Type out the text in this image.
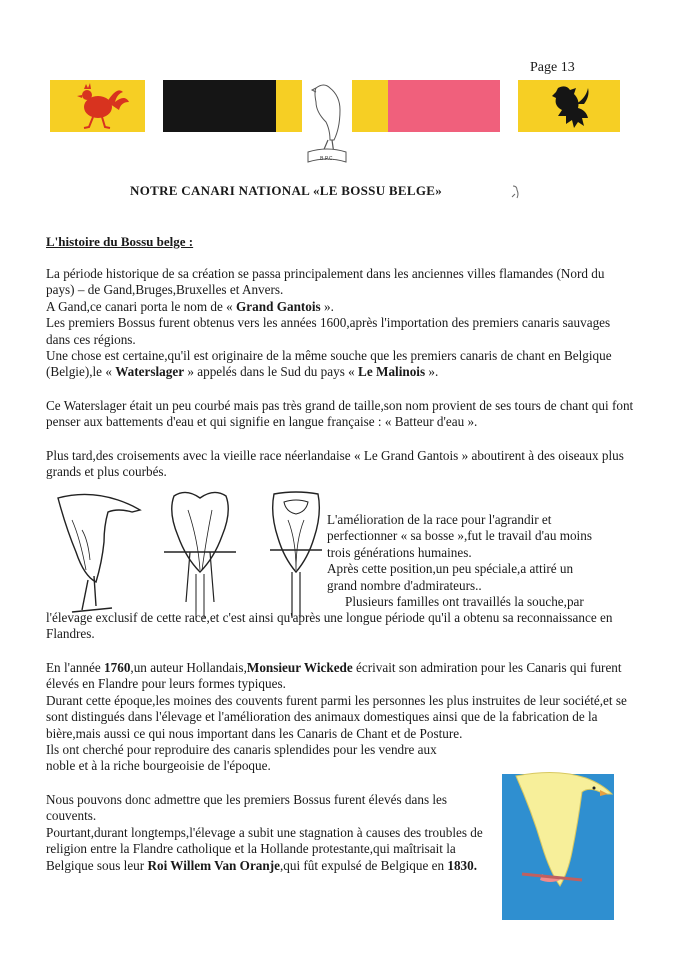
Page 13
B.P.C.
NOTRE CANARI NATIONAL «LE BOSSU BELGE»
L'histoire du Bossu belge :

La période historique de sa création se passa principalement dans les anciennes villes flamandes (Nord du pays) – de Gand,Bruges,Bruxelles et Anvers.
A Gand,ce canari porta le nom de « Grand Gantois ».
Les premiers Bossus furent obtenus vers les années 1600,après l'importation des premiers canaris sauvages dans ces régions.
Une chose est certaine,qu'il est originaire de la même souche que les premiers canaris de chant en Belgique (Belgie),le « Waterslager » appelés dans le Sud du pays « Le Malinois ».

Ce Waterslager était un peu courbé mais pas très grand de taille,son nom provient de ses tours de chant qui font penser aux battements d'eau et qui signifie en langue française : « Batteur d'eau ».

Plus tard,des croisements avec la vieille race néerlandaise « Le Grand Gantois » aboutirent à des oiseaux plus grands et plus courbés.

L'amélioration de la race pour l'agrandir et
perfectionner « sa bosse »,fut le travail d'au moins
trois générations humaines.
Après cette position,un peu spéciale,a attiré un
grand nombre d'admirateurs..
Plusieurs familles ont travaillés la souche,par

l'élevage exclusif de cette race,et c'est ainsi qu'après une longue période qu'il a obtenu sa reconnaissance en Flandres.

En l'année 1760,un auteur Hollandais,Monsieur Wickede écrivait son admiration pour les Canaris qui furent élevés en Flandre pour leurs formes typiques.
Durant cette époque,les moines des couvents furent parmi les personnes les plus instruites de leur société,et se sont distingués dans l'élevage et l'amélioration des animaux domestiques ainsi que de la fabrication de la bière,mais aussi ce qui nous important dans les Canaris de Chant et de Posture.
Ils ont cherché pour reproduire des canaris splendides pour les vendre aux
noble et à la riche bourgeoisie de l'époque.

Nous pouvons donc admettre que les premiers Bossus furent élevés dans les
couvents.
Pourtant,durant longtemps,l'élevage a subit une stagnation à causes des troubles de religion entre la Flandre catholique et la Hollande protestante,qui maîtrisait la Belgique sous leur Roi Willem Van Oranje,qui fût expulsé de Belgique en 1830.
